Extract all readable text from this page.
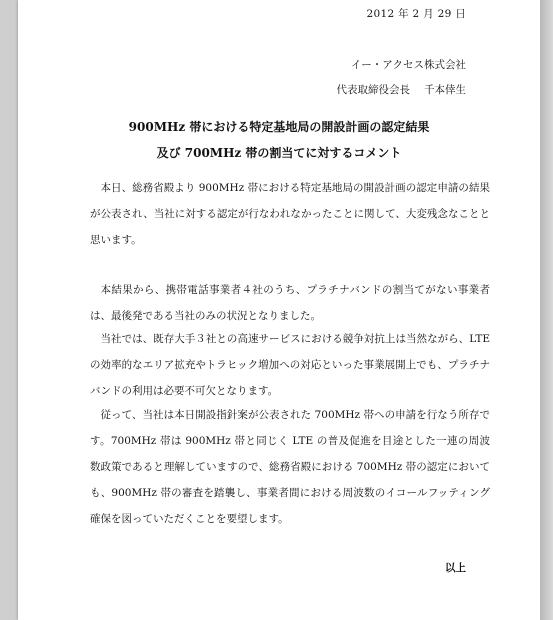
2012 年 2 月 29 日
イー・アクセス株式会社
代表取締役会長 千本倖生
900MHz 帯における特定基地局の開設計画の認定結果
及び 700MHz 帯の割当てに対するコメント

本日、総務省殿より 900MHz 帯における特定基地局の開設計画の認定申請の結果が公表され、当社に対する認定が行なわれなかったことに関して、大変残念なことと思います。

本結果から、携帯電話事業者４社のうち、プラチナバンドの割当てがない事業者は、最後発である当社のみの状況となりました。

当社では、既存大手３社との高速サービスにおける競争対抗上は当然ながら、LTE の効率的なエリア拡充やトラヒック増加への対応といった事業展開上でも、プラチナバンドの利用は必要不可欠となります。

従って、当社は本日開設指針案が公表された 700MHz 帯への申請を行なう所存です。700MHz 帯は 900MHz 帯と同じく LTE の普及促進を目途とした一連の周波数政策であると理解していますので、総務省殿における 700MHz 帯の認定においても、900MHz 帯の審査を踏襲し、事業者間における周波数のイコールフッティング確保を図っていただくことを要望します。

以上
